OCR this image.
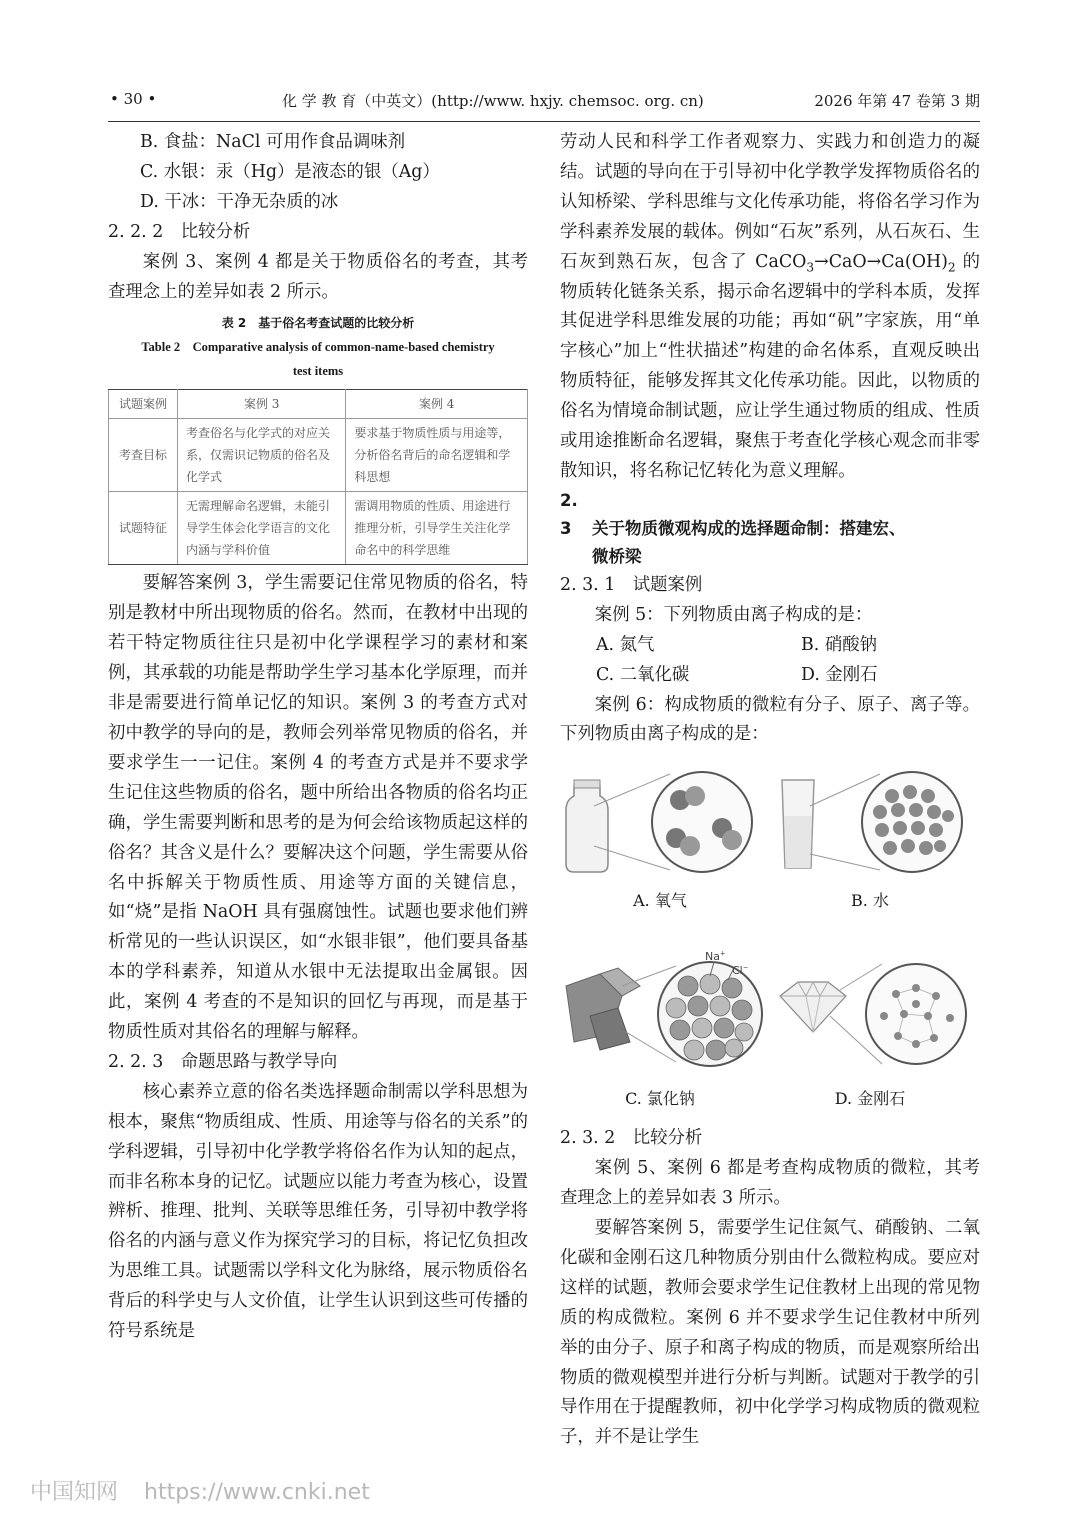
• 30 •	化 学 教 育（中英文）(http://www. hxjy. chemsoc. org. cn)	2026 年第 47 卷第 3 期

B. 食盐：NaCl 可用作食品调味剂

C. 水银：汞（Hg）是液态的银（Ag）

D. 干冰：干净无杂质的冰

2. 2. 2　比较分析

案例 3、案例 4 都是关于物质俗名的考查，其考查理念上的差异如表 2 所示。

表 2　基于俗名考查试题的比较分析

Table 2　Comparative analysis of common-name-based chemistry

test items

试题案例	案例 3	案例 4
考查目标	考查俗名与化学式的对应关系，仅需识记物质的俗名及化学式	要求基于物质性质与用途等，分析俗名背后的命名逻辑和学科思想
试题特征	无需理解命名逻辑，未能引导学生体会化学语言的文化内涵与学科价值	需调用物质的性质、用途进行推理分析，引导学生关注化学命名中的科学思维

要解答案例 3，学生需要记住常见物质的俗名，特别是教材中所出现物质的俗名。然而，在教材中出现的若干特定物质往往只是初中化学课程学习的素材和案例，其承载的功能是帮助学生学习基本化学原理，而并非是需要进行简单记忆的知识。案例 3 的考查方式对初中教学的导向的是，教师会列举常见物质的俗名，并要求学生一一记住。案例 4 的考查方式是并不要求学生记住这些物质的俗名，题中所给出各物质的俗名均正确，学生需要判断和思考的是为何会给该物质起这样的俗名？其含义是什么？要解决这个问题，学生需要从俗名中拆解关于物质性质、用途等方面的关键信息，如“烧”是指 NaOH 具有强腐蚀性。试题也要求他们辨析常见的一些认识误区，如“水银非银”，他们要具备基本的学科素养，知道从水银中无法提取出金属银。因此，案例 4 考查的不是知识的回忆与再现，而是基于物质性质对其俗名的理解与解释。

2. 2. 3　命题思路与教学导向

核心素养立意的俗名类选择题命制需以学科思想为根本，聚焦“物质组成、性质、用途等与俗名的关系”的学科逻辑，引导初中化学教学将俗名作为认知的起点，而非名称本身的记忆。试题应以能力考查为核心，设置辨析、推理、批判、关联等思维任务，引导初中教学将俗名的内涵与意义作为探究学习的目标，将记忆负担改为思维工具。试题需以学科文化为脉络，展示物质俗名背后的科学史与人文价值，让学生认识到这些可传播的符号系统是

劳动人民和科学工作者观察力、实践力和创造力的凝结。试题的导向在于引导初中化学教学发挥物质俗名的认知桥梁、学科思维与文化传承功能，将俗名学习作为学科素养发展的载体。例如“石灰”系列，从石灰石、生石灰到熟石灰，包含了 $CaCO_3\to CaO\to Ca(OH)_2$ 的物质转化链条关系，揭示命名逻辑中的学科本质，发挥其促进学科思维发展的功能；再如“矾”字家族，用“单字核心”加上“性状描述”构建的命名体系，直观反映出物质特征，能够发挥其文化传承功能。因此，以物质的俗名为情境命制试题，应让学生通过物质的组成、性质或用途推断命名逻辑，聚焦于考查化学核心观念而非零散知识，将名称记忆转化为意义理解。

2. 3 关于物质微观构成的选择题命制：搭建宏、
微桥梁

2. 3. 1　试题案例

案例 5：下列物质由离子构成的是：

A. 氮气	B. 硝酸钠
C. 二氧化碳	D. 金刚石

案例 6：构成物质的微粒有分子、原子、离子等。下列物质由离子构成的是：

A. 氧气	B. 水
Na+
Cl−
C. 氯化钠	D. 金刚石

2. 3. 2　比较分析

案例 5、案例 6 都是考查构成物质的微粒，其考查理念上的差异如表 3 所示。

要解答案例 5，需要学生记住氮气、硝酸钠、二氧化碳和金刚石这几种物质分别由什么微粒构成。要应对这样的试题，教师会要求学生记住教材上出现的常见物质的构成微粒。案例 6 并不要求学生记住教材中所列举的由分子、原子和离子构成的物质，而是观察所给出物质的微观模型并进行分析与判断。试题对于教学的引导作用在于提醒教师，初中化学学习构成物质的微观粒子，并不是让学生

中国知网 https://www.cnki.net
